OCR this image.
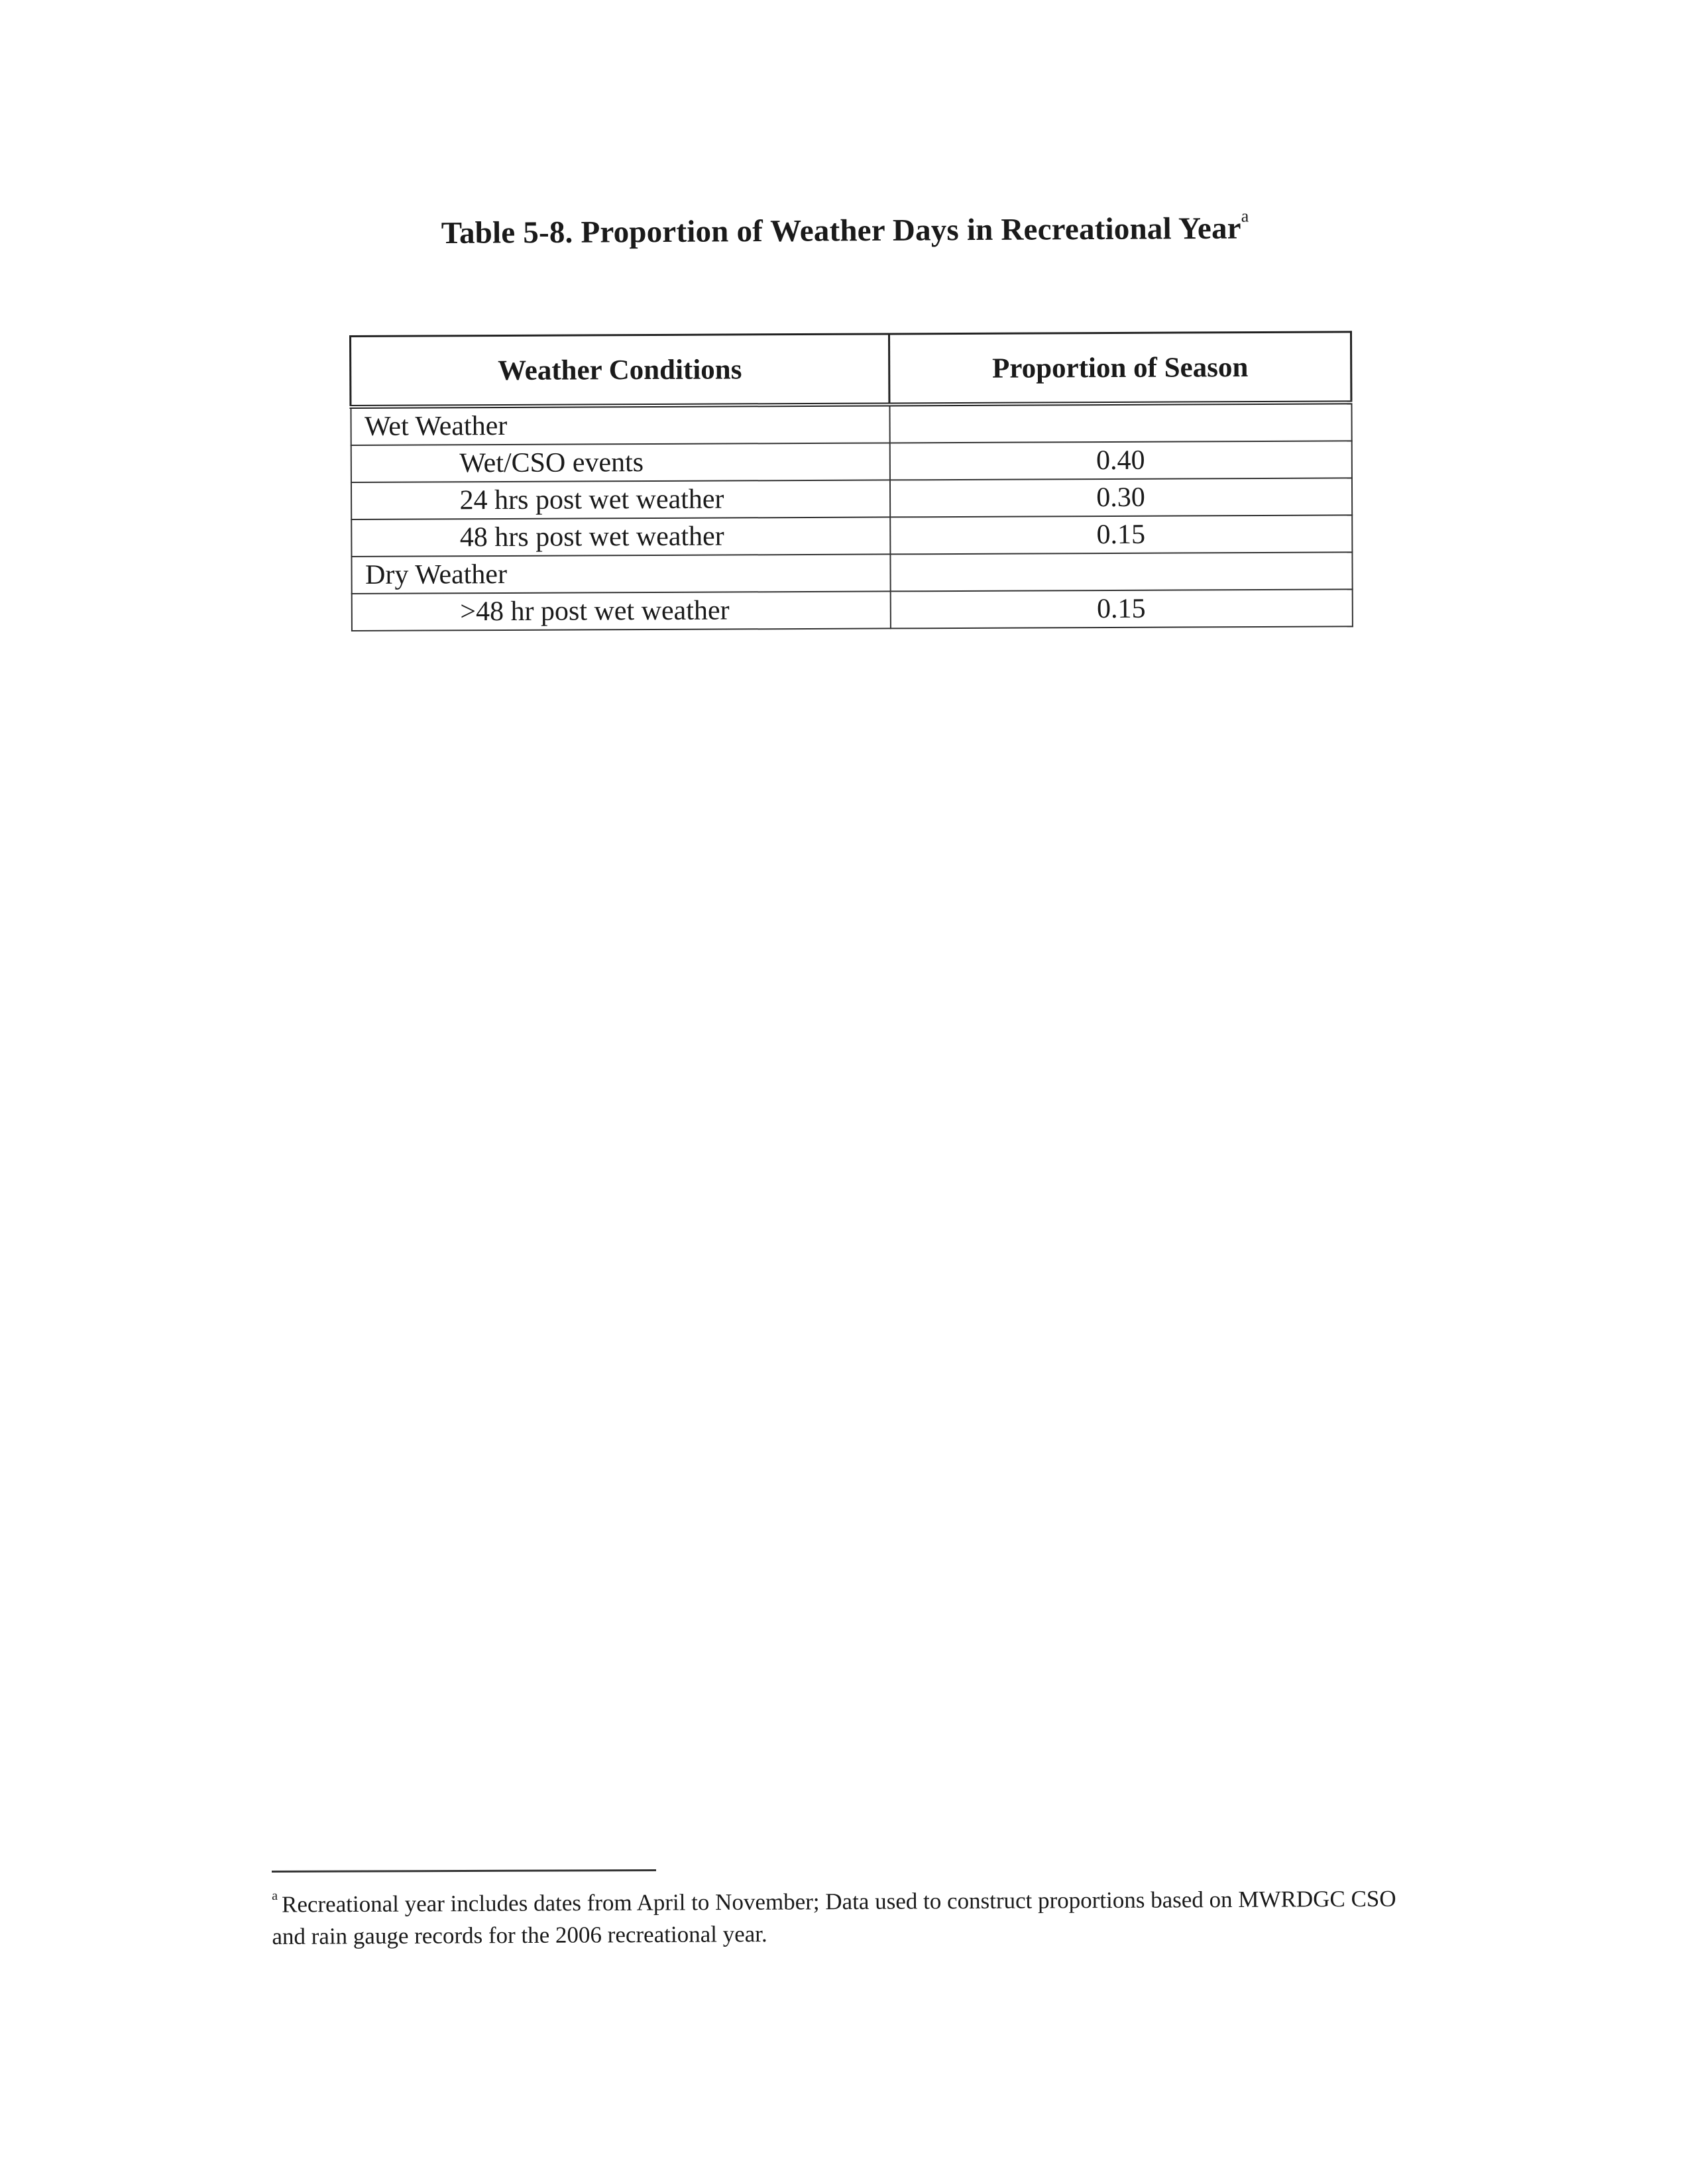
Table 5-8. Proportion of Weather Days in Recreational Year$^a$
Weather Conditions	Proportion of Season
Wet Weather	
Wet/CSO events	0.40
24 hrs post wet weather	0.30
48 hrs post wet weather	0.15
Dry Weather	
>48 hr post wet weather	0.15
$^a$ Recreational year includes dates from April to November; Data used to construct proportions based on MWRDGC CSO and rain gauge records for the 2006 recreational year.
